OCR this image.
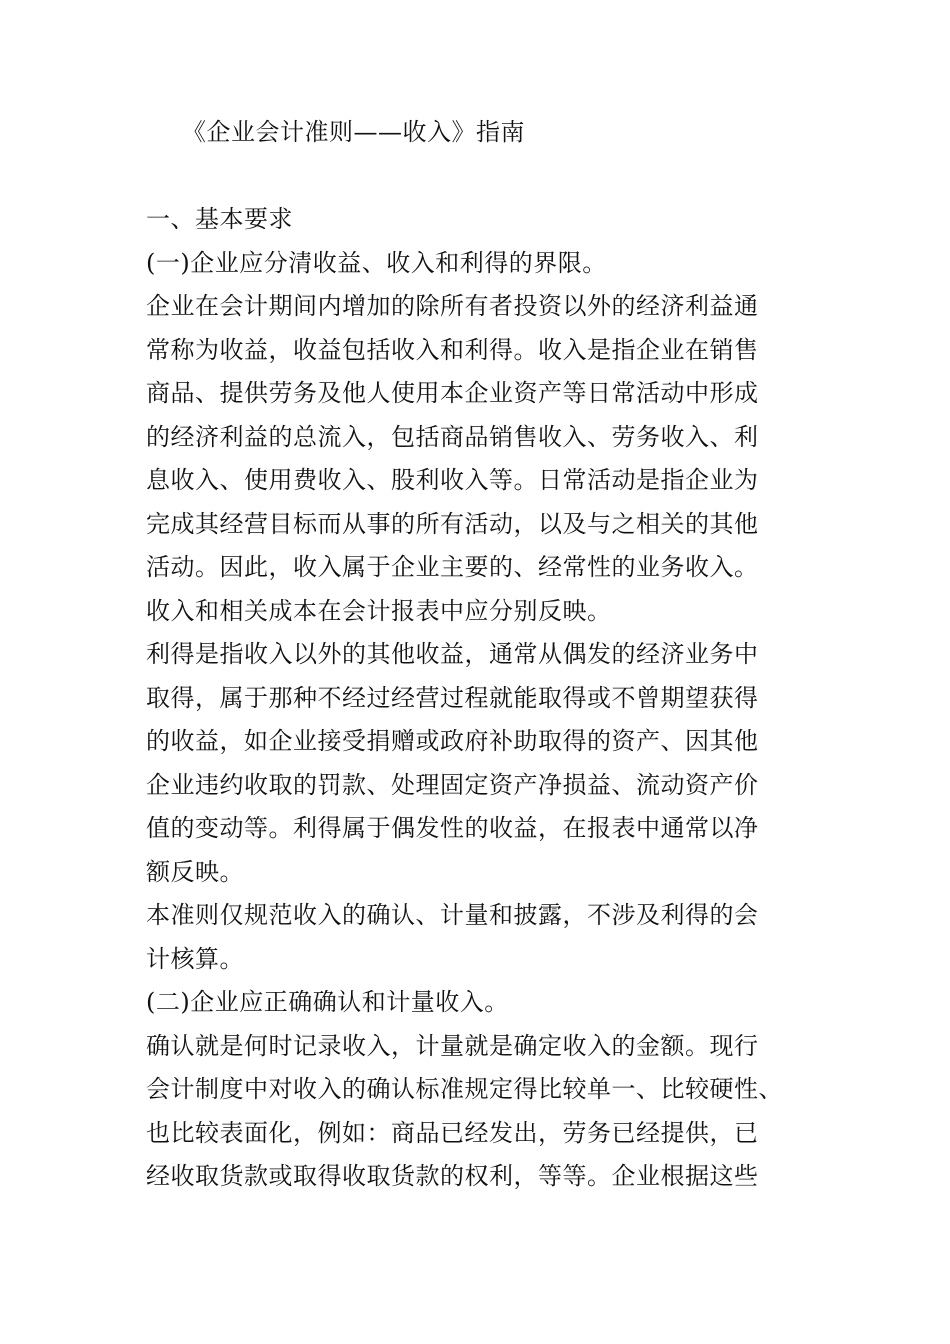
《企业会计准则——收入》指南
一、基本要求
(一)企业应分清收益、收入和利得的界限。
企业在会计期间内增加的除所有者投资以外的经济利益通
常称为收益，收益包括收入和利得。收入是指企业在销售
商品、提供劳务及他人使用本企业资产等日常活动中形成
的经济利益的总流入，包括商品销售收入、劳务收入、利
息收入、使用费收入、股利收入等。日常活动是指企业为
完成其经营目标而从事的所有活动，以及与之相关的其他
活动。因此，收入属于企业主要的、经常性的业务收入。
收入和相关成本在会计报表中应分别反映。
利得是指收入以外的其他收益，通常从偶发的经济业务中
取得，属于那种不经过经营过程就能取得或不曾期望获得
的收益，如企业接受捐赠或政府补助取得的资产、因其他
企业违约收取的罚款、处理固定资产净损益、流动资产价
值的变动等。利得属于偶发性的收益，在报表中通常以净
额反映。
本准则仅规范收入的确认、计量和披露，不涉及利得的会
计核算。
(二)企业应正确确认和计量收入。
确认就是何时记录收入，计量就是确定收入的金额。现行
会计制度中对收入的确认标准规定得比较单一、比较硬性、
也比较表面化，例如：商品已经发出，劳务已经提供，已
经收取货款或取得收取货款的权利，等等。企业根据这些
